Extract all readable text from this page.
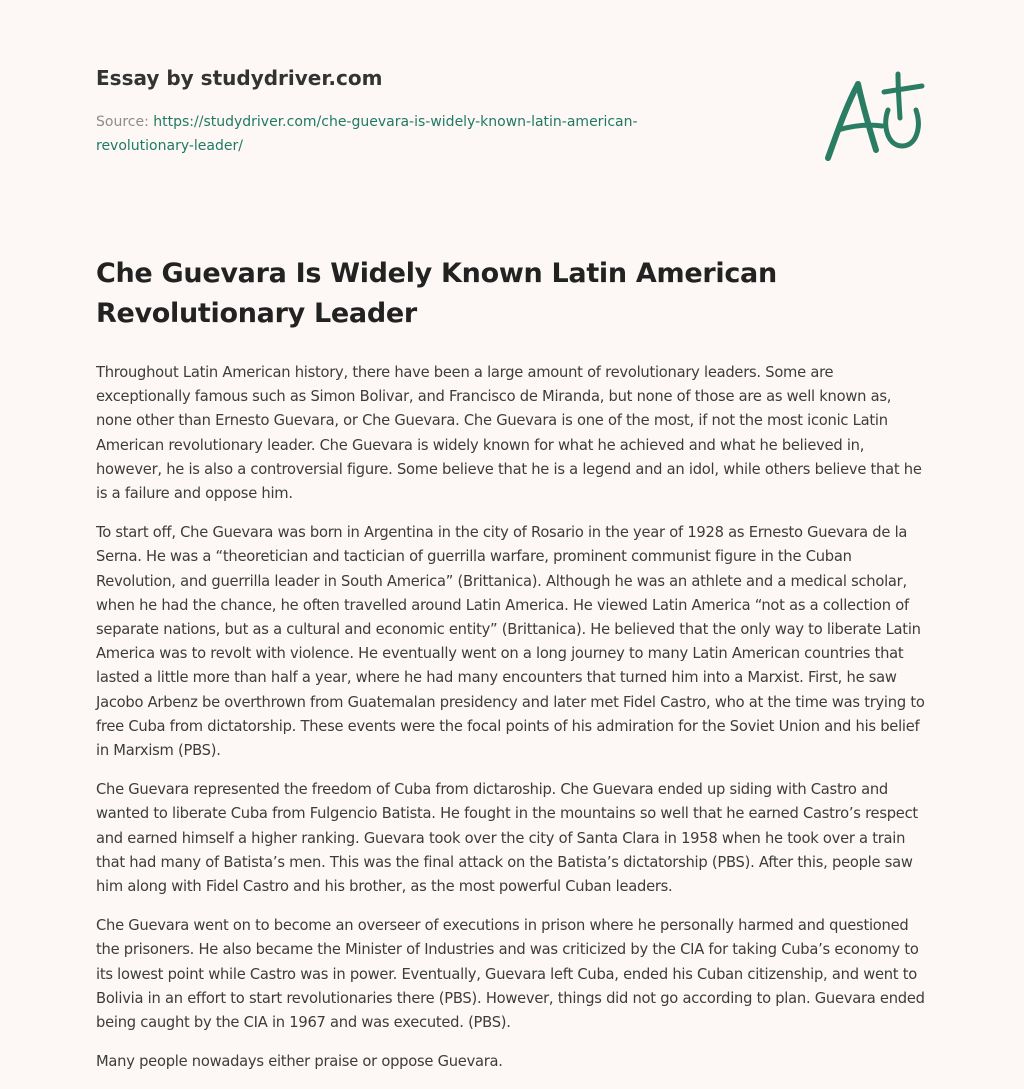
Essay by studydriver.com
Source: https://studydriver.com/che-guevara-is-widely-known-latin-american-revolutionary-leader/
Che Guevara Is Widely Known Latin American Revolutionary Leader

Throughout Latin American history, there have been a large amount of revolutionary leaders. Some are exceptionally famous such as Simon Bolivar, and Francisco de Miranda, but none of those are as well known as, none other than Ernesto Guevara, or Che Guevara. Che Guevara is one of the most, if not the most iconic Latin American revolutionary leader. Che Guevara is widely known for what he achieved and what he believed in, however, he is also a controversial figure. Some believe that he is a legend and an idol, while others believe that he is a failure and oppose him.

To start off, Che Guevara was born in Argentina in the city of Rosario in the year of 1928 as Ernesto Guevara de la Serna. He was a “theoretician and tactician of guerrilla warfare, prominent communist figure in the Cuban Revolution, and guerrilla leader in South America” (Brittanica). Although he was an athlete and a medical scholar, when he had the chance, he often travelled around Latin America. He viewed Latin America “not as a collection of separate nations, but as a cultural and economic entity” (Brittanica). He believed that the only way to liberate Latin America was to revolt with violence. He eventually went on a long journey to many Latin American countries that lasted a little more than half a year, where he had many encounters that turned him into a Marxist. First, he saw Jacobo Arbenz be overthrown from Guatemalan presidency and later met Fidel Castro, who at the time was trying to free Cuba from dictatorship. These events were the focal points of his admiration for the Soviet Union and his belief in Marxism (PBS).

Che Guevara represented the freedom of Cuba from dictaroship. Che Guevara ended up siding with Castro and wanted to liberate Cuba from Fulgencio Batista. He fought in the mountains so well that he earned Castro’s respect and earned himself a higher ranking. Guevara took over the city of Santa Clara in 1958 when he took over a train that had many of Batista’s men. This was the final attack on the Batista’s dictatorship (PBS). After this, people saw him along with Fidel Castro and his brother, as the most powerful Cuban leaders.

Che Guevara went on to become an overseer of executions in prison where he personally harmed and questioned the prisoners. He also became the Minister of Industries and was criticized by the CIA for taking Cuba’s economy to its lowest point while Castro was in power. Eventually, Guevara left Cuba, ended his Cuban citizenship, and went to Bolivia in an effort to start revolutionaries there (PBS). However, things did not go according to plan. Guevara ended being caught by the CIA in 1967 and was executed. (PBS).

Many people nowadays either praise or oppose Guevara.
